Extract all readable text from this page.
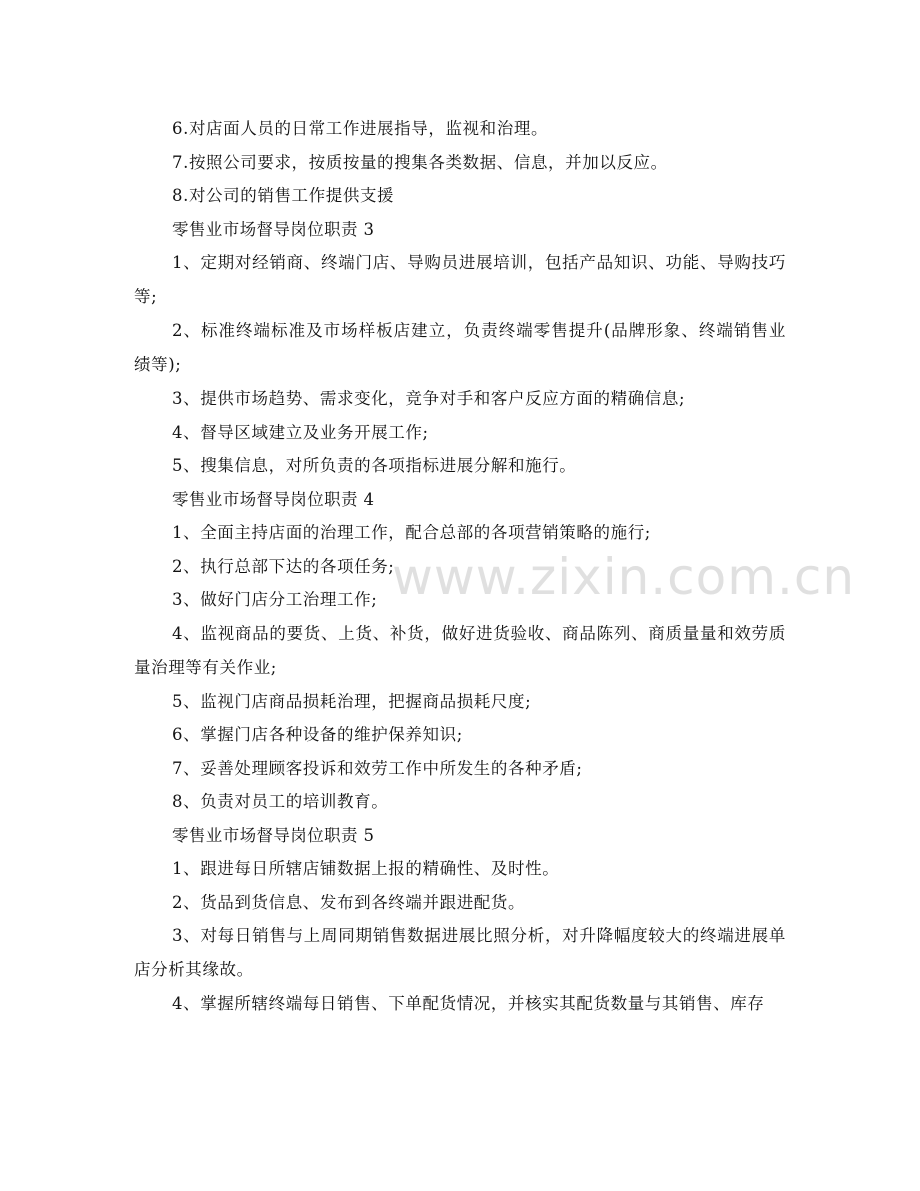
6.对店面人员的日常工作进展指导，监视和治理。

7.按照公司要求，按质按量的搜集各类数据、信息，并加以反应。

8.对公司的销售工作提供支援

零售业市场督导岗位职责 3

1、定期对经销商、终端门店、导购员进展培训，包括产品知识、功能、导购技巧等;

2、标准终端标准及市场样板店建立，负责终端零售提升(品牌形象、终端销售业绩等);

3、提供市场趋势、需求变化，竞争对手和客户反应方面的精确信息;

4、督导区域建立及业务开展工作;

5、搜集信息，对所负责的各项指标进展分解和施行。

零售业市场督导岗位职责 4

1、全面主持店面的治理工作，配合总部的各项营销策略的施行;

2、执行总部下达的各项任务;

3、做好门店分工治理工作;

4、监视商品的要货、上货、补货，做好进货验收、商品陈列、商质量量和效劳质量治理等有关作业;

5、监视门店商品损耗治理，把握商品损耗尺度;

6、掌握门店各种设备的维护保养知识;

7、妥善处理顾客投诉和效劳工作中所发生的各种矛盾;

8、负责对员工的培训教育。

零售业市场督导岗位职责 5

1、跟进每日所辖店铺数据上报的精确性、及时性。

2、货品到货信息、发布到各终端并跟进配货。

3、对每日销售与上周同期销售数据进展比照分析，对升降幅度较大的终端进展单店分析其缘故。

4、掌握所辖终端每日销售、下单配货情况，并核实其配货数量与其销售、库存

www.zixin.com.cn
